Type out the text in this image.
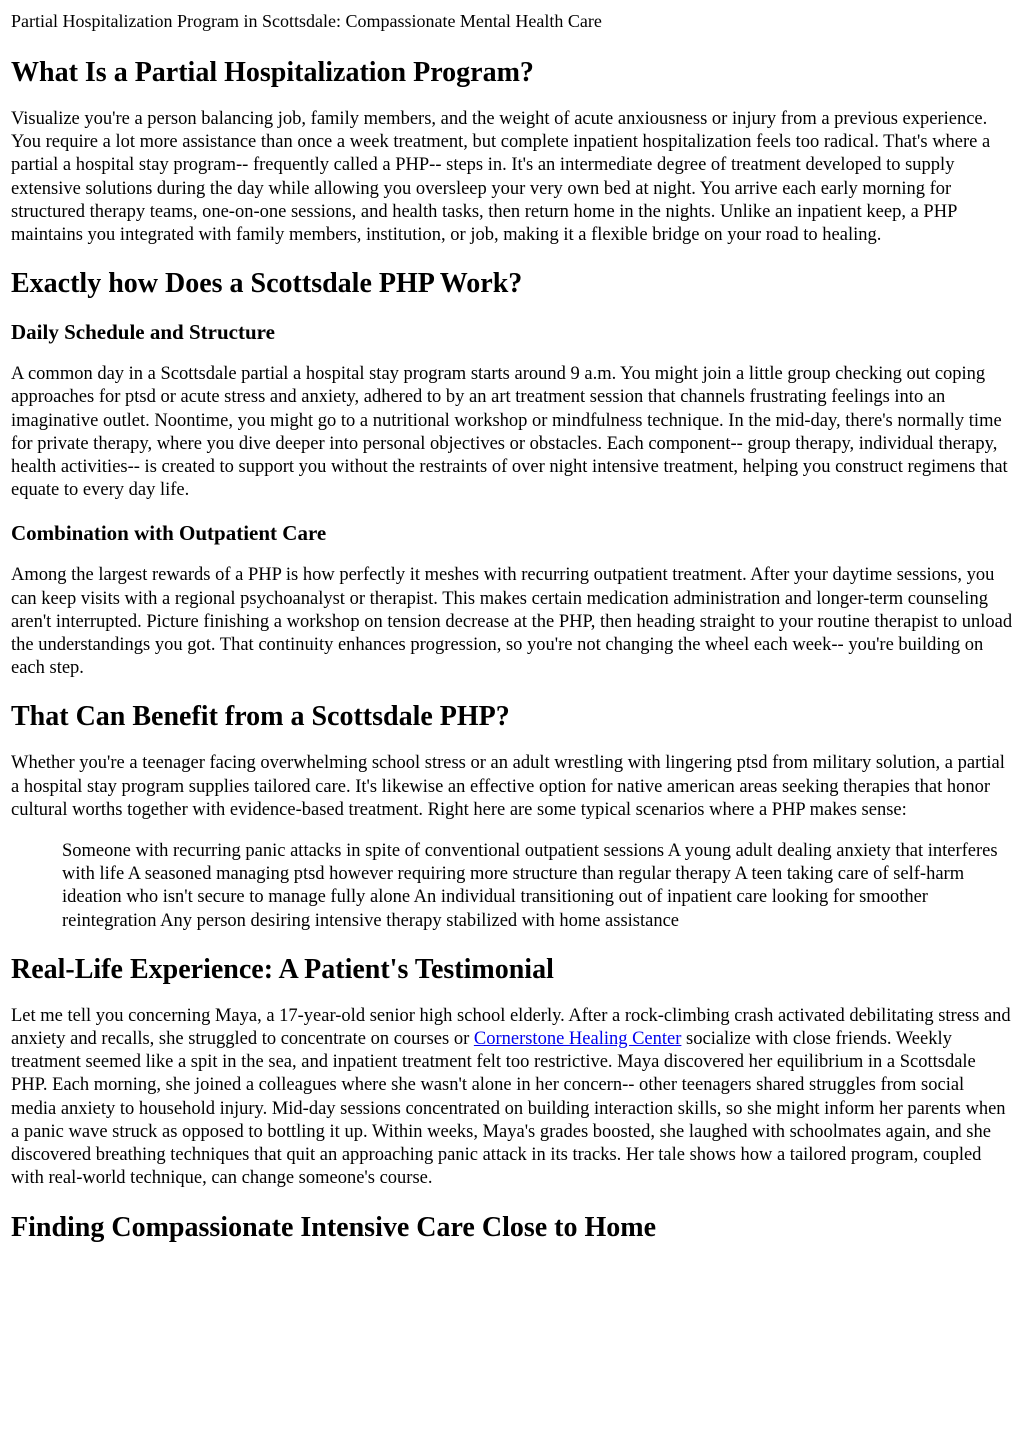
Partial Hospitalization Program in Scottsdale: Compassionate Mental Health Care
What Is a Partial Hospitalization Program?

Visualize you're a person balancing job, family members, and the weight of acute anxiousness or injury from a previous experience. You require a lot more assistance than once a week treatment, but complete inpatient hospitalization feels too radical. That's where a partial a hospital stay program-- frequently called a PHP-- steps in. It's an intermediate degree of treatment developed to supply extensive solutions during the day while allowing you oversleep your very own bed at night. You arrive each early morning for structured therapy teams, one-on-one sessions, and health tasks, then return home in the nights. Unlike an inpatient keep, a PHP maintains you integrated with family members, institution, or job, making it a flexible bridge on your road to healing.

Exactly how Does a Scottsdale PHP Work?
Daily Schedule and Structure

A common day in a Scottsdale partial a hospital stay program starts around 9 a.m. You might join a little group checking out coping approaches for ptsd or acute stress and anxiety, adhered to by an art treatment session that channels frustrating feelings into an imaginative outlet. Noontime, you might go to a nutritional workshop or mindfulness technique. In the mid-day, there's normally time for private therapy, where you dive deeper into personal objectives or obstacles. Each component-- group therapy, individual therapy, health activities-- is created to support you without the restraints of over night intensive treatment, helping you construct regimens that equate to every day life.

Combination with Outpatient Care

Among the largest rewards of a PHP is how perfectly it meshes with recurring outpatient treatment. After your daytime sessions, you can keep visits with a regional psychoanalyst or therapist. This makes certain medication administration and longer-term counseling aren't interrupted. Picture finishing a workshop on tension decrease at the PHP, then heading straight to your routine therapist to unload the understandings you got. That continuity enhances progression, so you're not changing the wheel each week-- you're building on each step.

That Can Benefit from a Scottsdale PHP?

Whether you're a teenager facing overwhelming school stress or an adult wrestling with lingering ptsd from military solution, a partial a hospital stay program supplies tailored care. It's likewise an effective option for native american areas seeking therapies that honor cultural worths together with evidence-based treatment. Right here are some typical scenarios where a PHP makes sense:

Someone with recurring panic attacks in spite of conventional outpatient sessions A young adult dealing anxiety that interferes with life A seasoned managing ptsd however requiring more structure than regular therapy A teen taking care of self-harm ideation who isn't secure to manage fully alone An individual transitioning out of inpatient care looking for smoother reintegration Any person desiring intensive therapy stabilized with home assistance
Real-Life Experience: A Patient's Testimonial

Let me tell you concerning Maya, a 17-year-old senior high school elderly. After a rock-climbing crash activated debilitating stress and anxiety and recalls, she struggled to concentrate on courses or Cornerstone Healing Center socialize with close friends. Weekly treatment seemed like a spit in the sea, and inpatient treatment felt too restrictive. Maya discovered her equilibrium in a Scottsdale PHP. Each morning, she joined a colleagues where she wasn't alone in her concern-- other teenagers shared struggles from social media anxiety to household injury. Mid-day sessions concentrated on building interaction skills, so she might inform her parents when a panic wave struck as opposed to bottling it up. Within weeks, Maya's grades boosted, she laughed with schoolmates again, and she discovered breathing techniques that quit an approaching panic attack in its tracks. Her tale shows how a tailored program, coupled with real-world technique, can change someone's course.

Finding Compassionate Intensive Care Close to Home
